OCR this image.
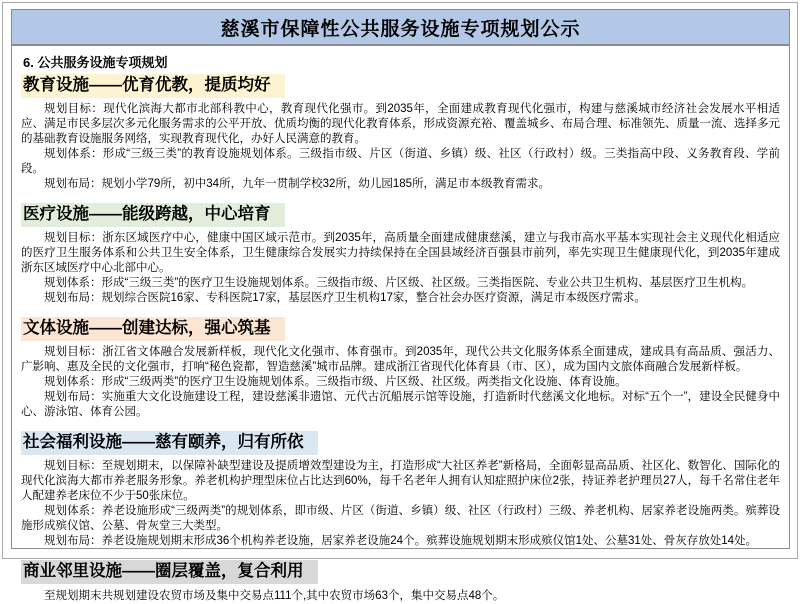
慈溪市保障性公共服务设施专项规划公示
6. 公共服务设施专项规划
教育设施——优育优教，提质均好

规划目标：现代化滨海大都市北部科教中心，教育现代化强市。到2035年，全面建成教育现代化强市，构建与慈溪城市经济社会发展水平相适应、满足市民多层次多元化服务需求的公平开放、优质均衡的现代化教育体系，形成资源充裕、覆盖城乡、布局合理、标准领先、质量一流、选择多元的基础教育设施服务网络，实现教育现代化，办好人民满意的教育。

规划体系：形成“三级三类”的教育设施规划体系。三级指市级、片区（街道、乡镇）级、社区（行政村）级。三类指高中段、义务教育段、学前段。

规划布局：规划小学79所，初中34所，九年一贯制学校32所，幼儿园185所，满足市本级教育需求。

医疗设施——能级跨越，中心培育

规划目标：浙东区域医疗中心，健康中国区域示范市。到2035年，高质量全面建成健康慈溪，建立与我市高水平基本实现社会主义现代化相适应的医疗卫生服务体系和公共卫生安全体系，卫生健康综合发展实力持续保持在全国县域经济百强县市前列，率先实现卫生健康现代化，到2035年建成浙东区域医疗中心北部中心。

规划体系：形成“三级三类”的医疗卫生设施规划体系。三级指市级、片区级、社区级。三类指医院、专业公共卫生机构、基层医疗卫生机构。

规划布局：规划综合医院16家、专科医院17家，基层医疗卫生机构17家，整合社会办医疗资源，满足市本级医疗需求。

文体设施——创建达标，强心筑基

规划目标：浙江省文体融合发展新样板，现代化文化强市、体育强市。到2035年，现代公共文化服务体系全面建成，建成具有高品质、强活力、广影响、惠及全民的文化强市，打响“秘色瓷都，智造慈溪”城市品牌。建成浙江省现代化体育县（市、区），成为国内文旅体商融合发展新样板。

规划体系：形成“三级两类”的医疗卫生设施规划体系。三级指市级、片区级、社区级。两类指文化设施、体育设施。

规划布局：实施重大文化设施建设工程，建设慈溪非遗馆、元代古沉船展示馆等设施，打造新时代慈溪文化地标。对标“五个一”，建设全民健身中心、游泳馆、体育公园。

社会福利设施——慈有颐养，归有所依

规划目标：至规划期末，以保障补缺型建设及提质增效型建设为主，打造形成“大社区养老”新格局，全面彰显高品质、社区化、数智化、国际化的现代化滨海大都市养老服务形象。养老机构护理型床位占比达到60%，每千名老年人拥有认知症照护床位2张，持证养老护理员27人，每千名常住老年人配建养老床位不少于50张床位。

规划体系：养老设施形成“三级两类”的规划体系，即市级、片区（街道、乡镇）级、社区（行政村）三级、养老机构、居家养老设施两类。殡葬设施形成殡仪馆、公墓、骨灰堂三大类型。

规划布局：养老设施规划期末形成36个机构养老设施，居家养老设施24个。殡葬设施规划期末形成殡仪馆1处、公墓31处、骨灰存放处14处。

商业邻里设施——圈层覆盖，复合利用

至规划期末共规划建设农贸市场及集中交易点111个,其中农贸市场63个，集中交易点48个。
